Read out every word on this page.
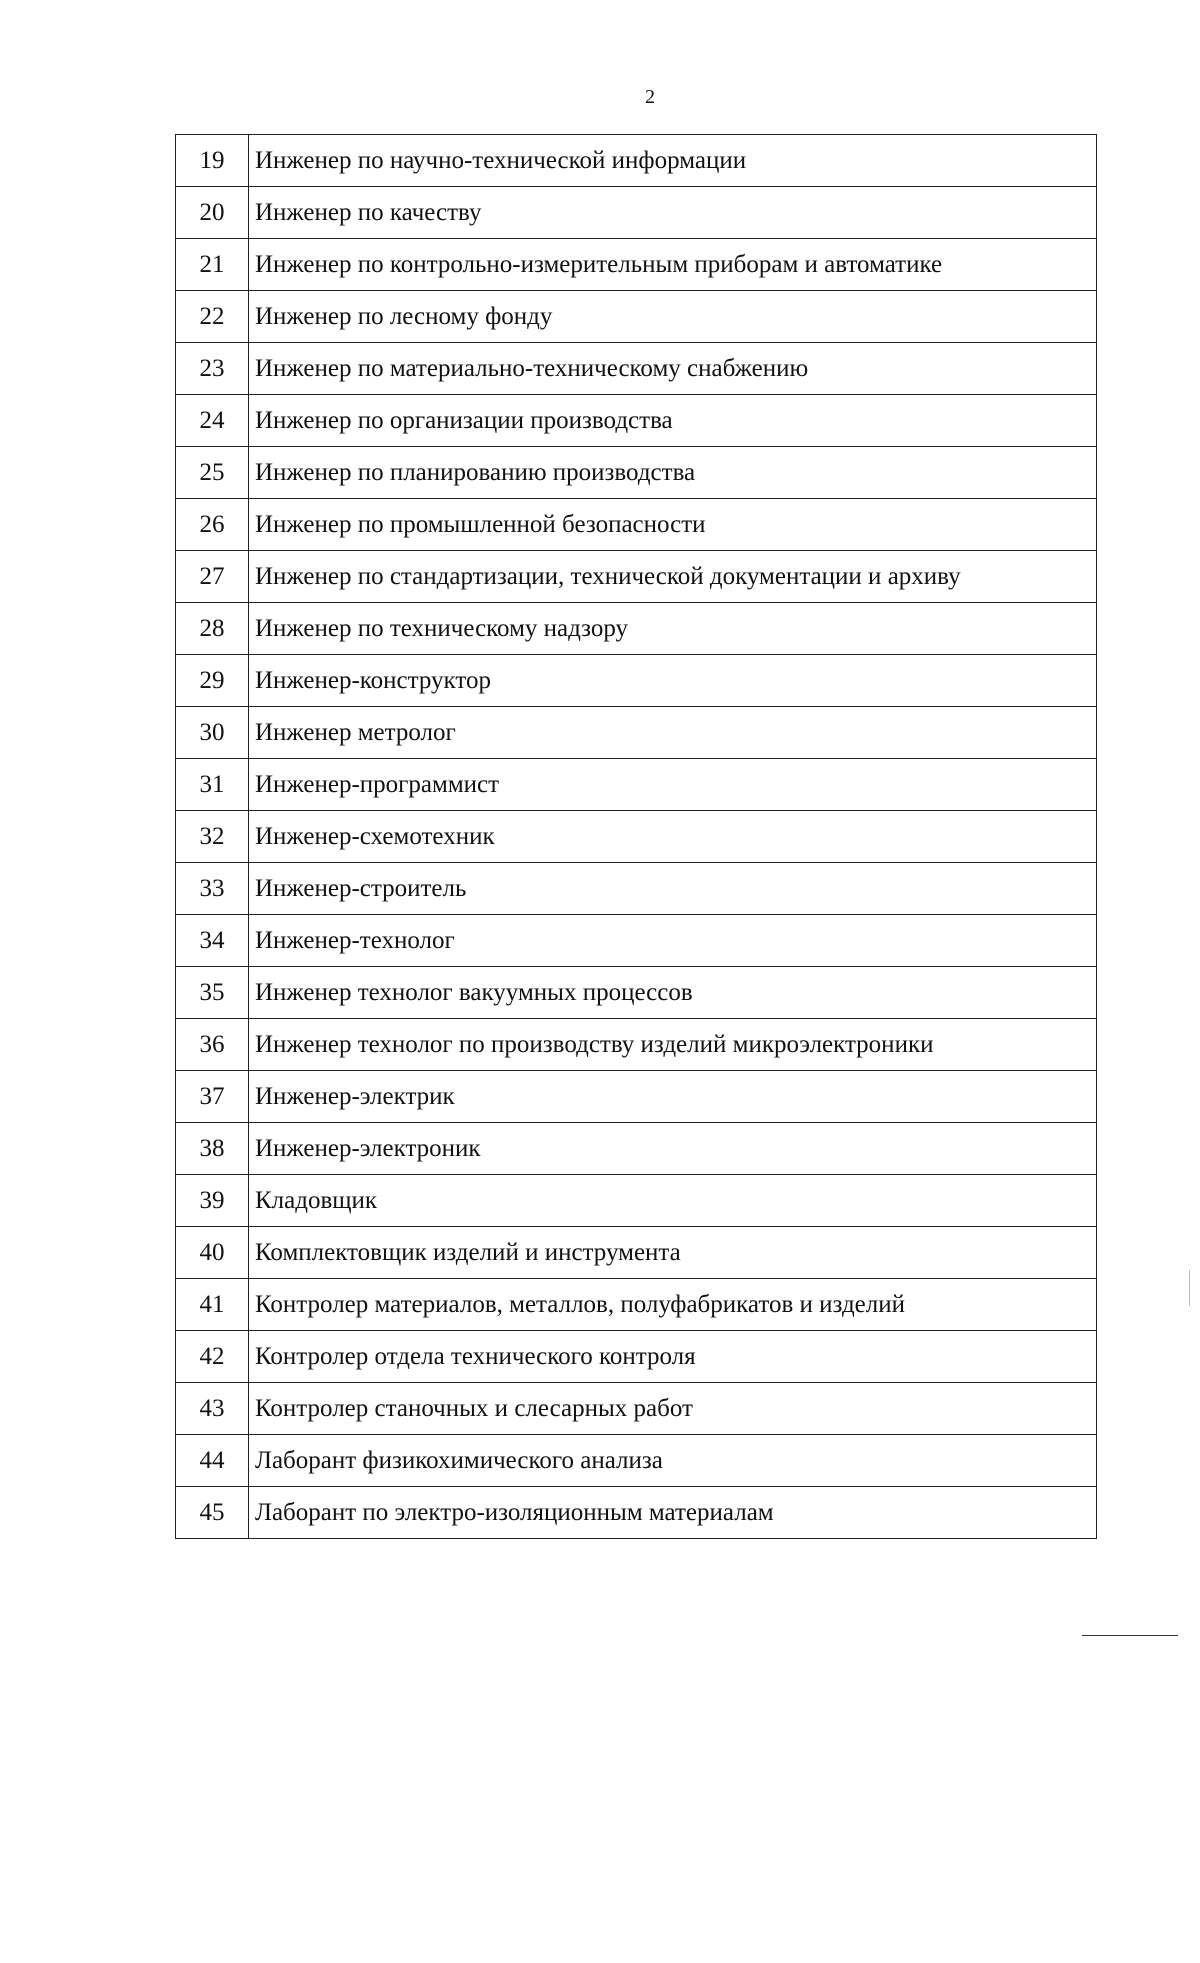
2
19	Инженер по научно-технической информации
20	Инженер по качеству
21	Инженер по контрольно-измерительным приборам и автоматике
22	Инженер по лесному фонду
23	Инженер по материально-техническому снабжению
24	Инженер по организации производства
25	Инженер по планированию производства
26	Инженер по промышленной безопасности
27	Инженер по стандартизации, технической документации и архиву
28	Инженер по техническому надзору
29	Инженер-конструктор
30	Инженер метролог
31	Инженер-программист
32	Инженер-схемотехник
33	Инженер-строитель
34	Инженер-технолог
35	Инженер технолог вакуумных процессов
36	Инженер технолог по производству изделий микроэлектроники
37	Инженер-электрик
38	Инженер-электроник
39	Кладовщик
40	Комплектовщик изделий и инструмента
41	Контролер материалов, металлов, полуфабрикатов и изделий
42	Контролер отдела технического контроля
43	Контролер станочных и слесарных работ
44	Лаборант физикохимического анализа
45	Лаборант по электро-изоляционным материалам
